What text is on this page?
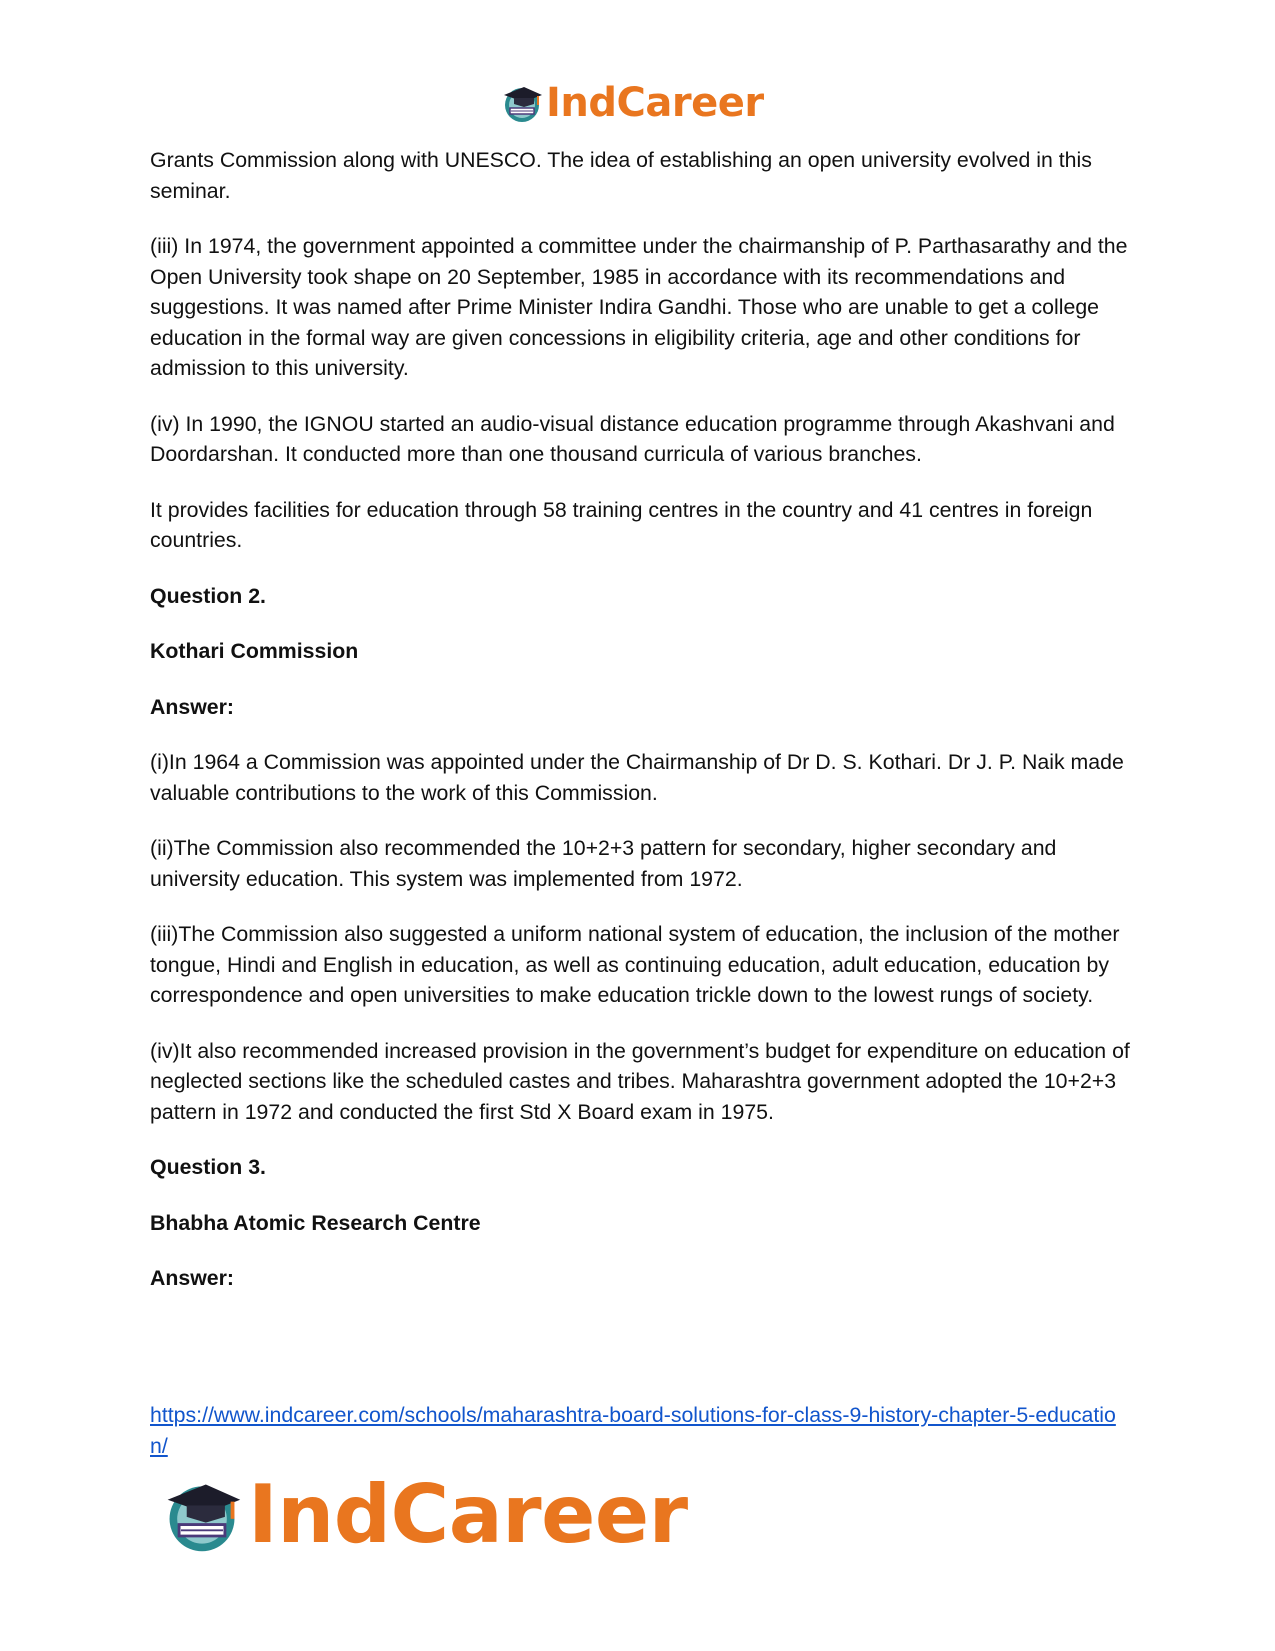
IndCareer

Grants Commission along with UNESCO. The idea of establishing an open university evolved in this seminar.

(iii) In 1974, the government appointed a committee under the chairmanship of P. Parthasarathy and the Open University took shape on 20 September, 1985 in accordance with its recommendations and suggestions. It was named after Prime Minister Indira Gandhi. Those who are unable to get a college education in the formal way are given concessions in eligibility criteria, age and other conditions for admission to this university.

(iv) In 1990, the IGNOU started an audio-visual distance education programme through Akashvani and Doordarshan. It conducted more than one thousand curricula of various branches.

It provides facilities for education through 58 training centres in the country and 41 centres in foreign countries.

Question 2.

Kothari Commission

Answer:

(i)In 1964 a Commission was appointed under the Chairmanship of Dr D. S. Kothari. Dr J. P. Naik made valuable contributions to the work of this Commission.

(ii)The Commission also recommended the 10+2+3 pattern for secondary, higher secondary and university education. This system was implemented from 1972.

(iii)The Commission also suggested a uniform national system of education, the inclusion of the mother tongue, Hindi and English in education, as well as continuing education, adult education, education by correspondence and open universities to make education trickle down to the lowest rungs of society.

(iv)It also recommended increased provision in the government’s budget for expenditure on education of neglected sections like the scheduled castes and tribes. Maharashtra government adopted the 10+2+3 pattern in 1972 and conducted the first Std X Board exam in 1975.

Question 3.

Bhabha Atomic Research Centre

Answer:

https://www.indcareer.com/schools/maharashtra-board-solutions-for-class-9-history-chapter-5-education/
IndCareer
